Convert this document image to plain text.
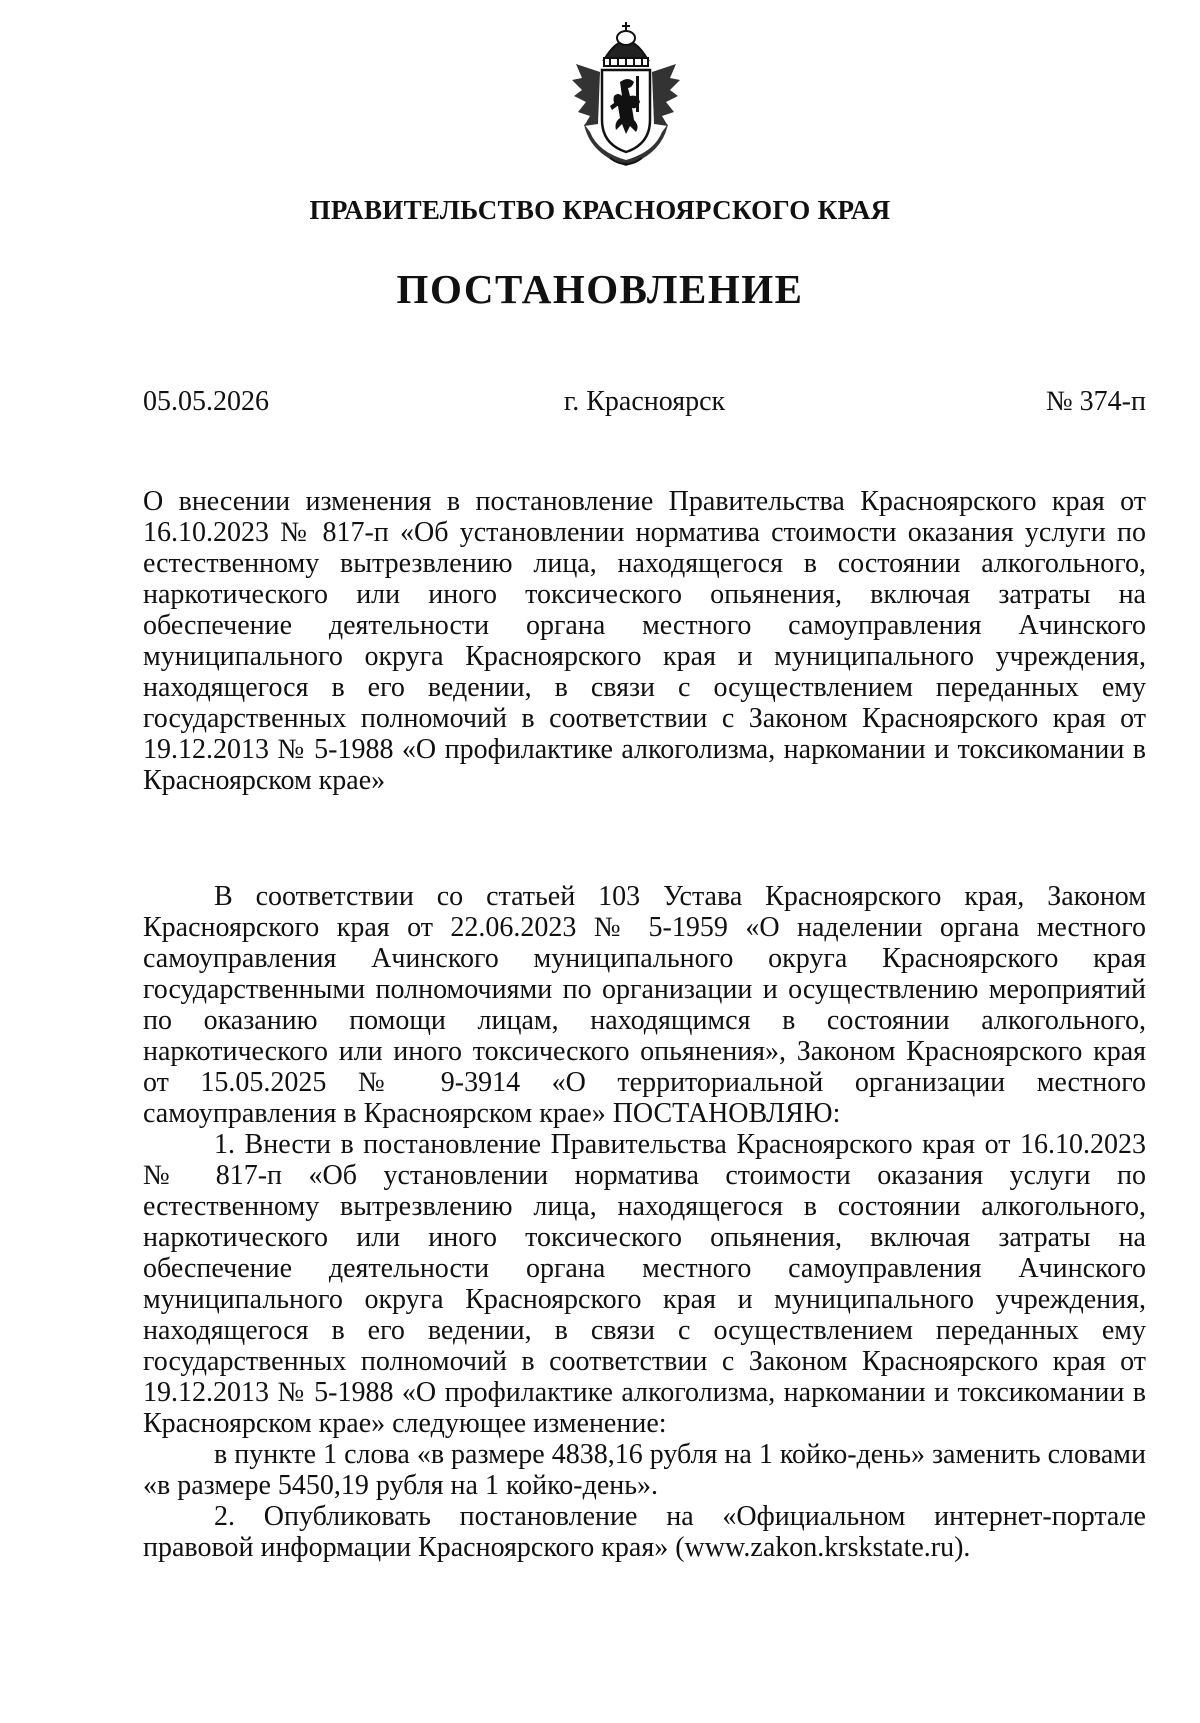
ПРАВИТЕЛЬСТВО КРАСНОЯРСКОГО КРАЯ
ПОСТАНОВЛЕНИЕ
г. Красноярск
05.05.2026	№ 374-п
О внесении изменения в постановление Правительства Красноярского края от 16.10.2023 № 817-п «Об установлении норматива стоимости оказания услуги по естественному вытрезвлению лица, находящегося в состоянии алкогольного, наркотического или иного токсического опьянения, включая затраты на обеспечение деятельности органа местного самоуправления Ачинского муниципального округа Красноярского края и муниципального учреждения, находящегося в его ведении, в связи с осуществлением переданных ему государственных полномочий в соответствии с Законом Красноярского края от 19.12.2013 № 5-1988 «О профилактике алкоголизма, наркомании и токсикомании в Красноярском крае»

В соответствии со статьей 103 Устава Красноярского края, Законом Красноярского края от 22.06.2023 № 5-1959 «О наделении органа местного самоуправления Ачинского муниципального округа Красноярского края государственными полномочиями по организации и осуществлению мероприятий по оказанию помощи лицам, находящимся в состоянии алкогольного, наркотического или иного токсического опьянения», Законом Красноярского края от 15.05.2025 № 9-3914 «О территориальной организации местного самоуправления в Красноярском крае» ПОСТАНОВЛЯЮ:

1. Внести в постановление Правительства Красноярского края от 16.10.2023 № 817-п «Об установлении норматива стоимости оказания услуги по естественному вытрезвлению лица, находящегося в состоянии алкогольного, наркотического или иного токсического опьянения, включая затраты на обеспечение деятельности органа местного самоуправления Ачинского муниципального округа Красноярского края и муниципального учреждения, находящегося в его ведении, в связи с осуществлением переданных ему государственных полномочий в соответствии с Законом Красноярского края от 19.12.2013 № 5-1988 «О профилактике алкоголизма, наркомании и токсикомании в Красноярском крае» следующее изменение:

в пункте 1 слова «в размере 4838,16 рубля на 1 койко-день» заменить словами «в размере 5450,19 рубля на 1 койко-день».

2. Опубликовать постановление на «Официальном интернет-портале правовой информации Красноярского края» (www.zakon.krskstate.ru).
